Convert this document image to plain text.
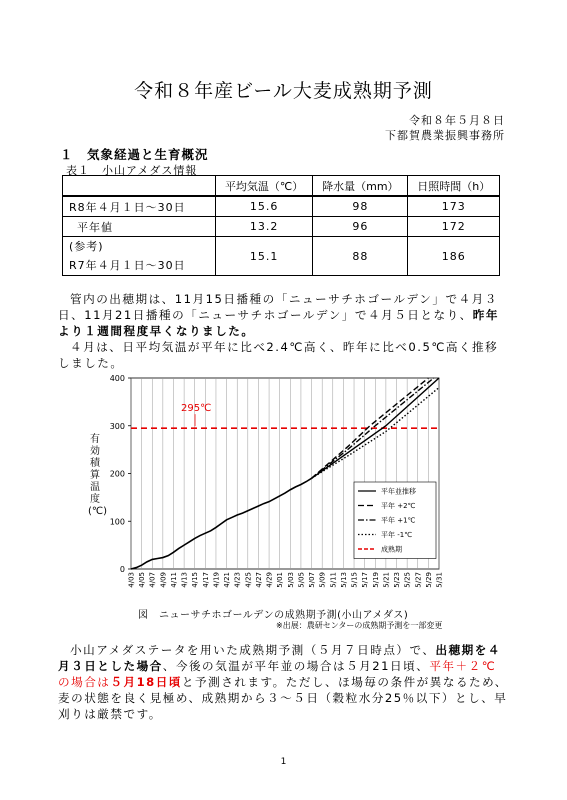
令和８年産ビール大麦成熟期予測
令和８年５月８日
下都賀農業振興事務所
１　気象経過と生育概況
表１　小山アメダス情報
	平均気温（℃）	降水量（mm）	日照時間（h）
R8年４月１日～30日	15.6	98	173
平年値	13.2	96	172

(参考)
R7年４月１日～30日	15.1	88	186
管内の出穂期は、11月15日播種の「ニューサチホゴールデン」で４月３日、11月21日播種の「ニューサチホゴールデン」で４月５日となり、昨年より１週間程度早くなりました。
４月は、日平均気温が平年に比べ2.4℃高く、昨年に比べ0.5℃高く推移しました。
有効積算温度(℃)
4/03 4/05 4/07 4/09 4/11 4/13 4/15 4/17 4/19 4/21 4/23 4/25 4/27 4/29 5/01 5/03 5/05 5/07 5/09 5/11 5/13 5/15 5/17 5/19 5/21 5/23 5/25 5/27 5/29 5/31
0
100
200
300
400
295℃
平年並推移
平年 +2℃
平年 +1℃
平年 -1℃
成熟期
図　ニューサチホゴールデンの成熟期予測(小山アメダス)
※出展：農研センターの成熟期予測を一部変更
小山アメダステータを用いた成熟期予測（５月７日時点）で、出穂期を４月３日とした場合、今後の気温が平年並の場合は５月21日頃、平年＋２℃の場合は５月18日頃と予測されます。ただし、ほ場毎の条件が異なるため、麦の状態を良く見極め、成熟期から３～５日（穀粒水分25％以下）とし、早刈りは厳禁です。
1
